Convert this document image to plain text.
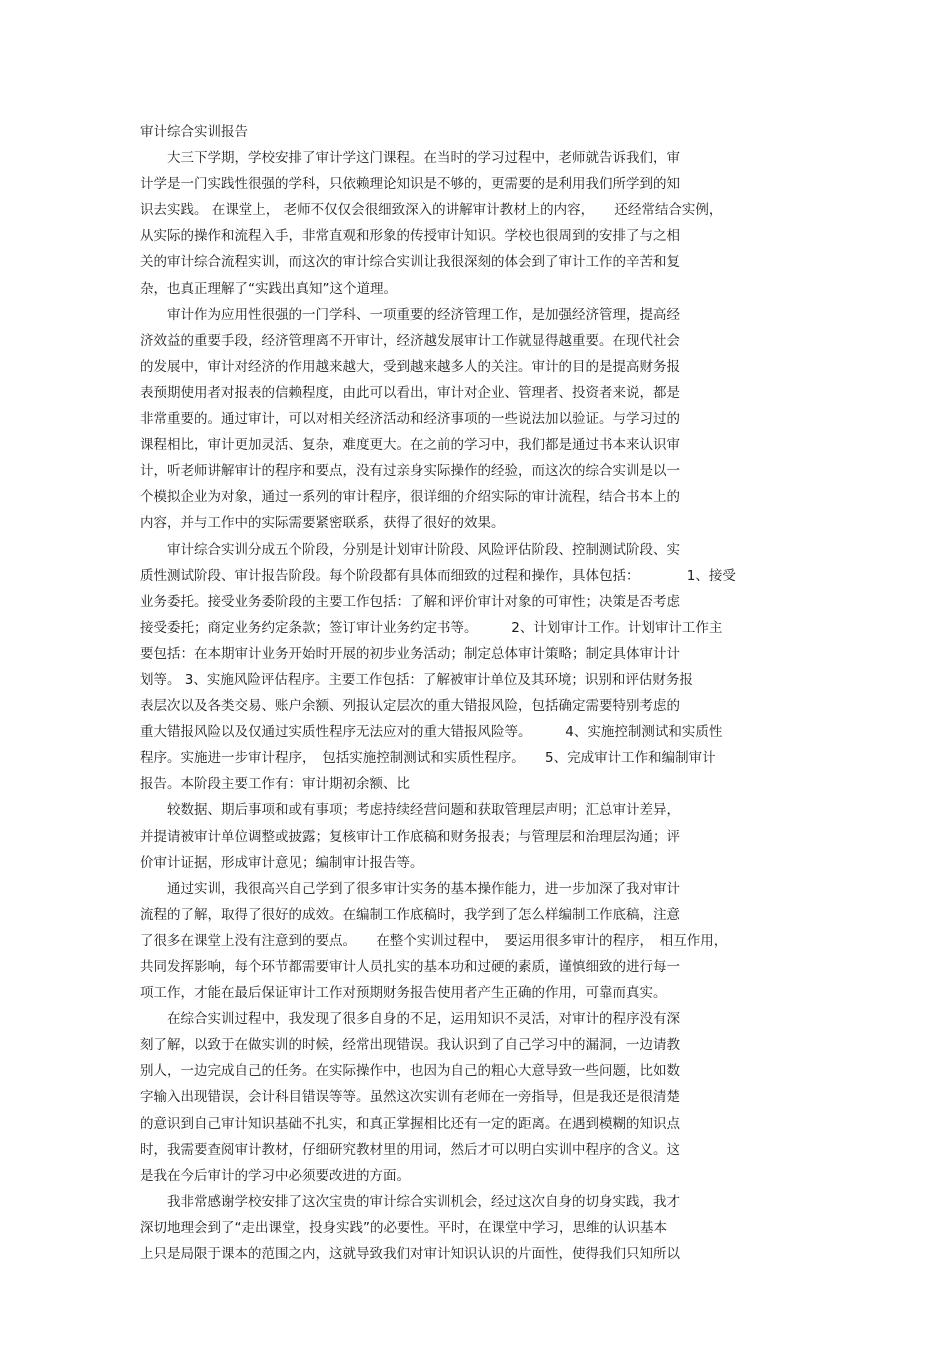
审计综合实训报告
　　大三下学期，学校安排了审计学这门课程。在当时的学习过程中，老师就告诉我们，审
计学是一门实践性很强的学科，只依赖理论知识是不够的，更需要的是利用我们所学到的知
识去实践。 在课堂上， 老师不仅仅会很细致深入的讲解审计教材上的内容，　　还经常结合实例，
从实际的操作和流程入手，非常直观和形象的传授审计知识。学校也很周到的安排了与之相
关的审计综合流程实训，而这次的审计综合实训让我很深刻的体会到了审计工作的辛苦和复
杂，也真正理解了“实践出真知”这个道理。
　　审计作为应用性很强的一门学科、一项重要的经济管理工作，是加强经济管理，提高经
济效益的重要手段，经济管理离不开审计，经济越发展审计工作就显得越重要。在现代社会
的发展中，审计对经济的作用越来越大，受到越来越多人的关注。审计的目的是提高财务报
表预期使用者对报表的信赖程度，由此可以看出，审计对企业、管理者、投资者来说，都是
非常重要的。通过审计，可以对相关经济活动和经济事项的一些说法加以验证。与学习过的
课程相比，审计更加灵活、复杂，难度更大。在之前的学习中，我们都是通过书本来认识审
计，听老师讲解审计的程序和要点，没有过亲身实际操作的经验，而这次的综合实训是以一
个模拟企业为对象，通过一系列的审计程序，很详细的介绍实际的审计流程，结合书本上的
内容，并与工作中的实际需要紧密联系，获得了很好的效果。
　　审计综合实训分成五个阶段，分别是计划审计阶段、风险评估阶段、控制测试阶段、实
质性测试阶段、审计报告阶段。每个阶段都有具体而细致的过程和操作，具体包括：　　　　1、接受
业务委托。接受业务委阶段的主要工作包括：了解和评价审计对象的可审性；决策是否考虑
接受委托；商定业务约定条款；签订审计业务约定书等。　　　2、计划审计工作。计划审计工作主
要包括：在本期审计业务开始时开展的初步业务活动；制定总体审计策略；制定具体审计计
划等。 3、实施风险评估程序。主要工作包括：了解被审计单位及其环境；识别和评估财务报
表层次以及各类交易、账户余额、列报认定层次的重大错报风险，包括确定需要特别考虑的
重大错报风险以及仅通过实质性程序无法应对的重大错报风险等。　　　4、实施控制测试和实质性
程序。实施进一步审计程序，　包括实施控制测试和实质性程序。　　5、完成审计工作和编制审计
报告。本阶段主要工作有：审计期初余额、比
　　较数据、期后事项和或有事项；考虑持续经营问题和获取管理层声明；汇总审计差异，
并提请被审计单位调整或披露；复核审计工作底稿和财务报表；与管理层和治理层沟通；评
价审计证据，形成审计意见；编制审计报告等。
　　通过实训，我很高兴自己学到了很多审计实务的基本操作能力，进一步加深了我对审计
流程的了解，取得了很好的成效。在编制工作底稿时，我学到了怎么样编制工作底稿，注意
了很多在课堂上没有注意到的要点。　　在整个实训过程中，　要运用很多审计的程序，　相互作用，
共同发挥影响，每个环节都需要审计人员扎实的基本功和过硬的素质，谨慎细致的进行每一
项工作，才能在最后保证审计工作对预期财务报告使用者产生正确的作用，可靠而真实。
　　在综合实训过程中，我发现了很多自身的不足，运用知识不灵活，对审计的程序没有深
刻了解，以致于在做实训的时候，经常出现错误。我认识到了自己学习中的漏洞，一边请教
别人，一边完成自己的任务。在实际操作中，也因为自己的粗心大意导致一些问题，比如数
字输入出现错误，会计科目错误等等。虽然这次实训有老师在一旁指导，但是我还是很清楚
的意识到自己审计知识基础不扎实，和真正掌握相比还有一定的距离。在遇到模糊的知识点
时，我需要查阅审计教材，仔细研究教材里的用词，然后才可以明白实训中程序的含义。这
是我在今后审计的学习中必须要改进的方面。
　　我非常感谢学校安排了这次宝贵的审计综合实训机会，经过这次自身的切身实践，我才
深切地理会到了“走出课堂，投身实践”的必要性。平时，在课堂中学习，思维的认识基本
上只是局限于课本的范围之内，这就导致我们对审计知识认识的片面性，使得我们只知所以
